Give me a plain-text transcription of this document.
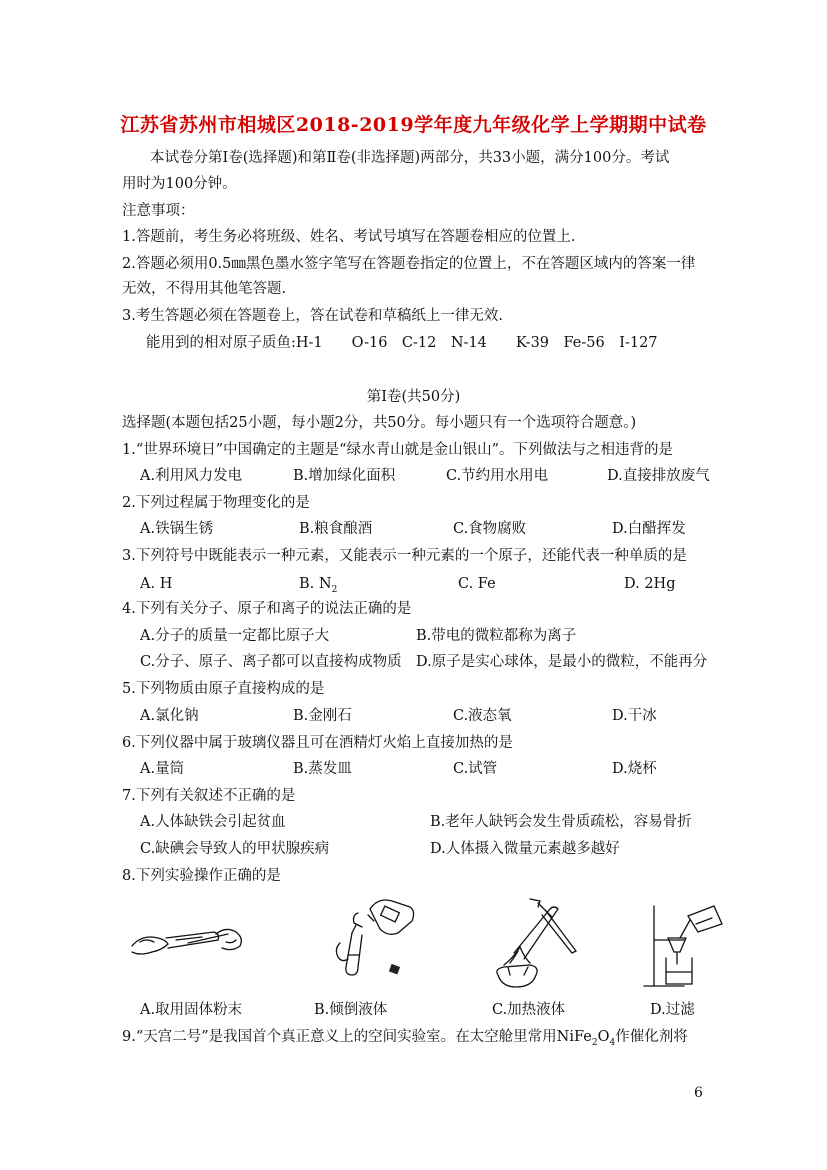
江苏省苏州市相城区2018-2019学年度九年级化学上学期期中试卷
本试卷分第Ⅰ卷(选择题)和第Ⅱ卷(非选择题)两部分，共33小题，满分100分。考试
用时为100分钟。
注意事项：
1.答题前，考生务必将班级、姓名、考试号填写在答题卷相应的位置上.
2.答题必须用0.5㎜黑色墨水签字笔写在答题卷指定的位置上，不在答题区域内的答案一律
无效，不得用其他笔答题.
3.考生答题必须在答题卷上，答在试卷和草稿纸上一律无效.
能用到的相对原子质鱼:H-1　　O-16　C-12　N-14　　K-39　Fe-56　I-127
第Ⅰ卷(共50分)
选择题(本题包括25小题，每小题2分，共50分。每小题只有一个选项符合题意。)
1.“世界环境日”中国确定的主题是“绿水青山就是金山银山”。下列做法与之相违背的是
A.利用风力发电	B.增加绿化面积	C.节约用水用电	D.直接排放废气
2.下列过程属于物理变化的是
A.铁锅生锈	B.粮食酿酒	C.食物腐败	D.白醋挥发
3.下列符号中既能表示一种元素，又能表示一种元素的一个原子，还能代表一种单质的是
A. H	B. $N_2$	C. Fe	D. 2Hg
4.下列有关分子、原子和离子的说法正确的是
A.分子的质量一定都比原子大	B.带电的微粒都称为离子
C.分子、原子、离子都可以直接构成物质 D.原子是实心球体，是最小的微粒，不能再分
5.下列物质由原子直接构成的是
A.氯化钠	B.金刚石	C.液态氧	D.干冰
6.下列仪器中属于玻璃仪器且可在酒精灯火焰上直接加热的是
A.量筒	B.蒸发皿	C.试管	D.烧杯
7.下列有关叙述不正确的是
A.人体缺铁会引起贫血	B.老年人缺钙会发生骨质疏松，容易骨折
C.缺碘会导致人的甲状腺疾病	D.人体摄入微量元素越多越好
8.下列实验操作正确的是
A.取用固体粉末	B.倾倒液体	C.加热液体	D.过滤
9.“天宫二号”是我国首个真正意义上的空间实验室。在太空舱里常用$NiFe_2O_4$作催化剂将
6
